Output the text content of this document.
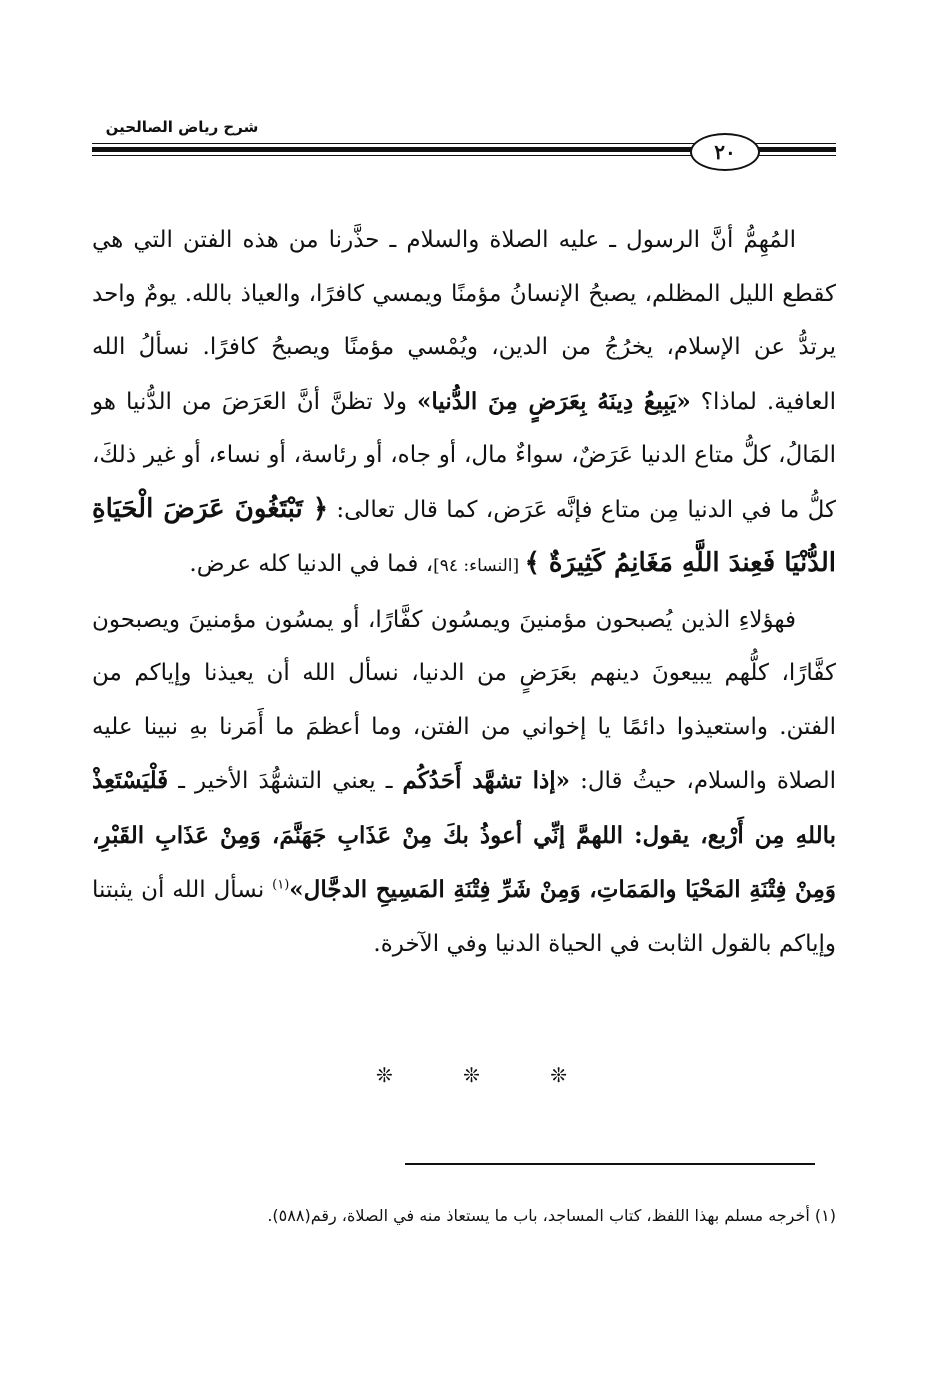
شرح رياض الصالحين
٢٠

المُهِمُّ أنَّ الرسول ـ عليه الصلاة والسلام ـ حذَّرنا من هذه الفتن التي هي كقطع الليل المظلم، يصبحُ الإنسانُ مؤمنًا ويمسي كافرًا، والعياذ بالله. يومٌ واحد يرتدُّ عن الإسلام، يخرُجُ من الدين، ويُمْسي مؤمنًا ويصبحُ كافرًا. نسألُ الله العافية. لماذا؟ «يَبِيعُ دِينَهُ بِعَرَضٍ مِنَ الدُّنيا» ولا تظنَّ أنَّ العَرَضَ من الدُّنيا هو المَالُ، كلُّ متاع الدنيا عَرَضٌ، سواءٌ مال، أو جاه، أو رئاسة، أو نساء، أو غير ذلكَ، كلُّ ما في الدنيا مِن متاع فإنَّه عَرَض، كما قال تعالى: ﴿ تَبْتَغُونَ عَرَضَ الْحَيَاةِ الدُّنْيَا فَعِندَ اللَّهِ مَغَانِمُ كَثِيرَةٌ ﴾ [النساء: ٩٤]، فما في الدنيا كله عرض.

فهؤلاءِ الذين يُصبحون مؤمنينَ ويمسُون كفَّارًا، أو يمسُون مؤمنينَ ويصبحون كفَّارًا، كلُّهم يبيعونَ دينهم بعَرَضٍ من الدنيا، نسأل الله أن يعيذنا وإياكم من الفتن. واستعيذوا دائمًا يا إخواني من الفتن، وما أعظمَ ما أَمَرنا بهِ نبينا عليه الصلاة والسلام، حيثُ قال: «إذا تشهَّد أَحَدُكُم ـ يعني التشهُّدَ الأخير ـ فَلْيَسْتَعِذْ باللهِ مِن أَرْبع، يقول: اللهمَّ إنِّي أعوذُ بكَ مِنْ عَذَابِ جَهَنَّمَ، وَمِنْ عَذَابِ القَبْرِ، وَمِنْ فِتْنَةِ المَحْيَا والمَمَاتِ، وَمِنْ شَرِّ فِتْنَةِ المَسِيحِ الدجَّال»$^{(١)}$ نسأل الله أن يثبتنا وإياكم بالقول الثابت في الحياة الدنيا وفي الآخرة.

❊	❊	❊

(١) أخرجه مسلم بهذا اللفظ، كتاب المساجد، باب ما يستعاذ منه في الصلاة، رقم(٥٨٨).
